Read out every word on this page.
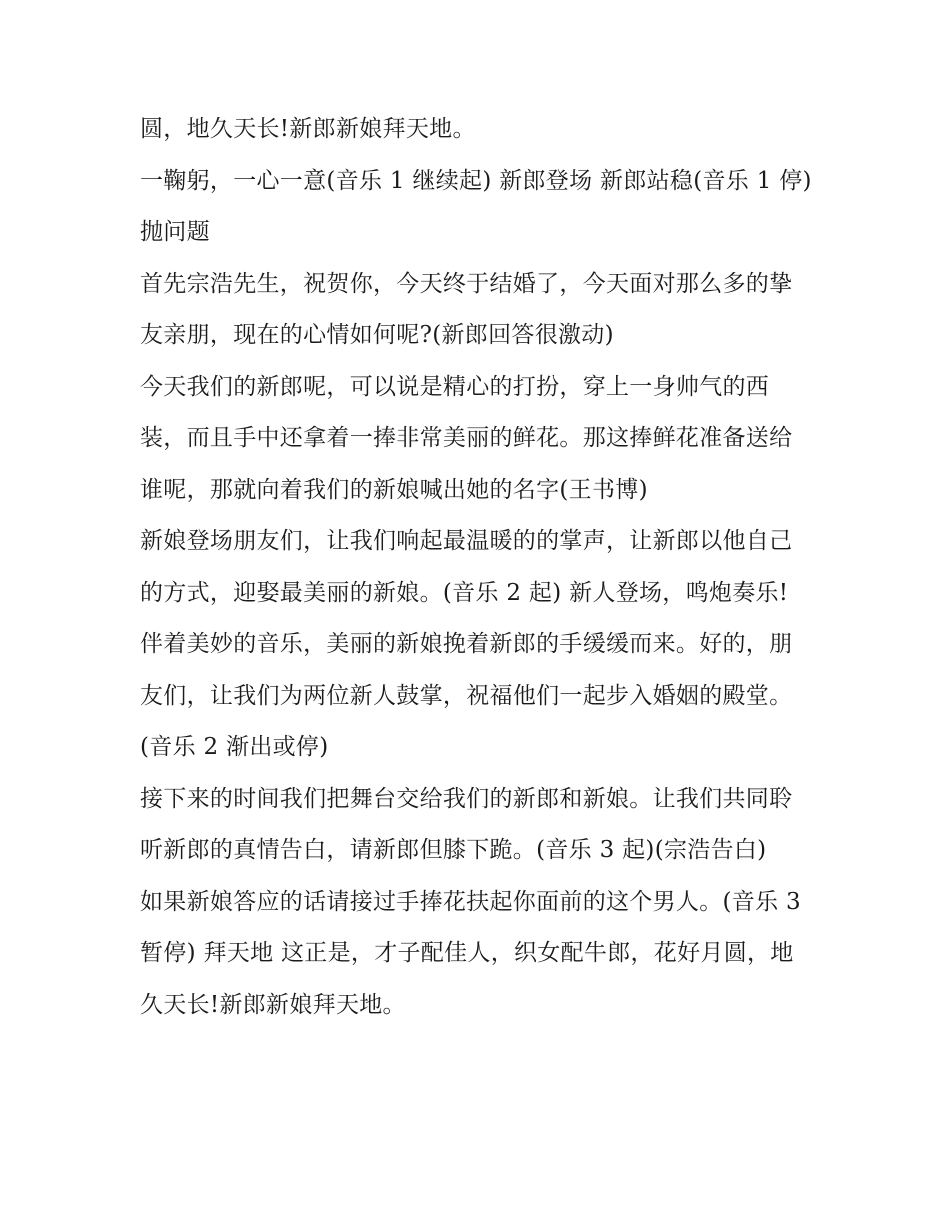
圆，地久天长!新郎新娘拜天地。

一鞠躬，一心一意(音乐 1 继续起) 新郎登场 新郎站稳(音乐 1 停) 抛问题

首先宗浩先生，祝贺你，今天终于结婚了，今天面对那么多的挚友亲朋，现在的心情如何呢?(新郎回答很激动)

今天我们的新郎呢，可以说是精心的打扮，穿上一身帅气的西装，而且手中还拿着一捧非常美丽的鲜花。那这捧鲜花准备送给谁呢，那就向着我们的新娘喊出她的名字(王书博)

新娘登场朋友们，让我们响起最温暖的的掌声，让新郎以他自己的方式，迎娶最美丽的新娘。(音乐 2 起) 新人登场，鸣炮奏乐!

伴着美妙的音乐，美丽的新娘挽着新郎的手缓缓而来。好的，朋友们，让我们为两位新人鼓掌，祝福他们一起步入婚姻的殿堂。(音乐 2 渐出或停)

接下来的时间我们把舞台交给我们的新郎和新娘。让我们共同聆听新郎的真情告白，请新郎但膝下跪。(音乐 3 起)(宗浩告白)

如果新娘答应的话请接过手捧花扶起你面前的这个男人。(音乐 3 暂停) 拜天地 这正是，才子配佳人，织女配牛郎，花好月圆，地久天长!新郎新娘拜天地。
